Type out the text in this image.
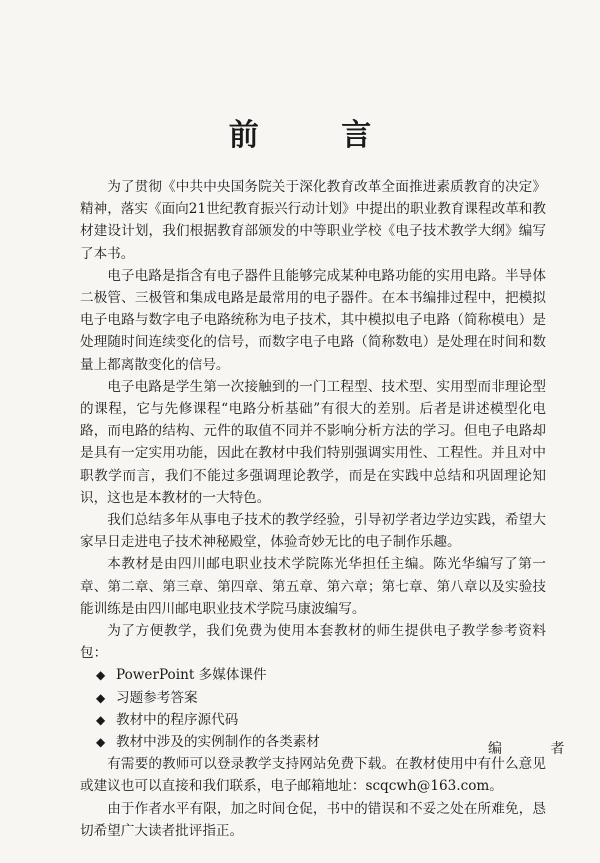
前 言

为了贯彻《中共中央国务院关于深化教育改革全面推进素质教育的决定》精神，落实《面向21世纪教育振兴行动计划》中提出的职业教育课程改革和教材建设计划，我们根据教育部颁发的中等职业学校《电子技术教学大纲》编写了本书。

电子电路是指含有电子器件且能够完成某种电路功能的实用电路。半导体二极管、三极管和集成电路是最常用的电子器件。在本书编排过程中，把模拟电子电路与数字电子电路统称为电子技术，其中模拟电子电路（简称模电）是处理随时间连续变化的信号，而数字电子电路（简称数电）是处理在时间和数量上都离散变化的信号。

电子电路是学生第一次接触到的一门工程型、技术型、实用型而非理论型的课程，它与先修课程“电路分析基础”有很大的差别。后者是讲述模型化电路，而电路的结构、元件的取值不同并不影响分析方法的学习。但电子电路却是具有一定实用功能，因此在教材中我们特别强调实用性、工程性。并且对中职教学而言，我们不能过多强调理论教学，而是在实践中总结和巩固理论知识，这也是本教材的一大特色。

我们总结多年从事电子技术的教学经验，引导初学者边学边实践，希望大家早日走进电子技术神秘殿堂，体验奇妙无比的电子制作乐趣。

本教材是由四川邮电职业技术学院陈光华担任主编。陈光华编写了第一章、第二章、第三章、第四章、第五章、第六章；第七章、第八章以及实验技能训练是由四川邮电职业技术学院马康波编写。

为了方便教学，我们免费为使用本套教材的师生提供电子教学参考资料包：

◆ PowerPoint 多媒体课件
◆ 习题参考答案
◆ 教材中的程序源代码
◆ 教材中涉及的实例制作的各类素材

有需要的教师可以登录教学支持网站免费下载。在教材使用中有什么意见或建议也可以直接和我们联系，电子邮箱地址：scqcwh@163.com。

由于作者水平有限，加之时间仓促，书中的错误和不妥之处在所难免，恳切希望广大读者批评指正。

编 者
